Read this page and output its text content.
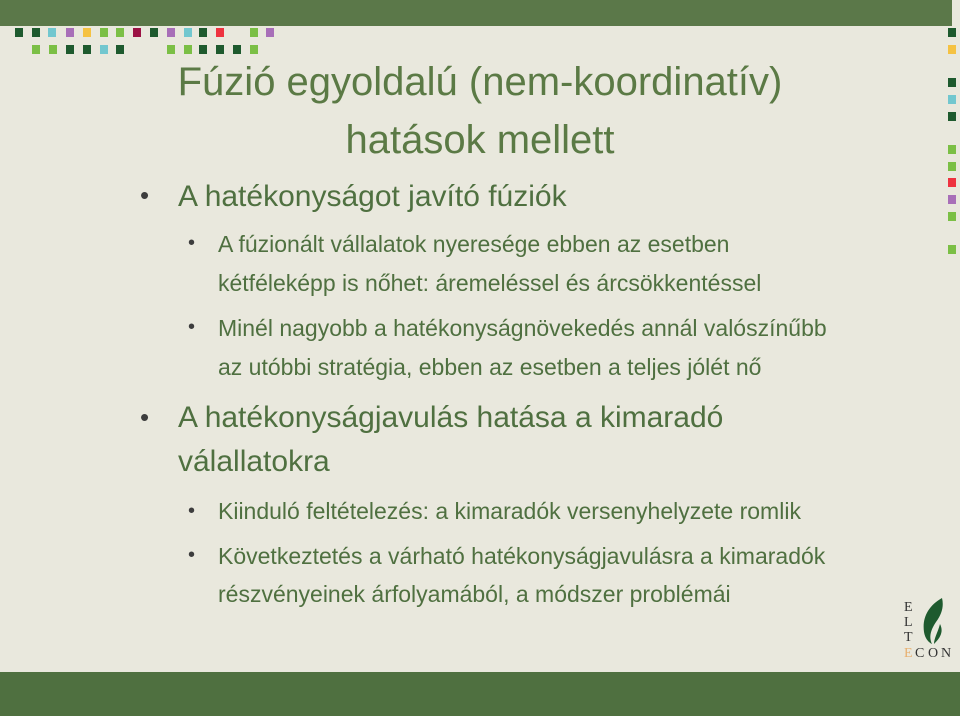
Fúzió egyoldalú (nem-koordinatív)
hatások mellett
• A hatékonyságot javító fúziók
• A fúzionált vállalatok nyeresége ebben az esetben
kétféleképp is nőhet: áremeléssel és árcsökkentéssel
• Minél nagyobb a hatékonyságnövekedés annál valószínűbb
az utóbbi stratégia, ebben az esetben a teljes jólét nő
• A hatékonyságjavulás hatása a kimaradó
válallatokra
• Kiinduló feltételezés: a kimaradók versenyhelyzete romlik
• Következtetés a várható hatékonyságjavulásra a kimaradók
részvényeinek árfolyamából, a módszer problémái
E
L
T
E C O N
